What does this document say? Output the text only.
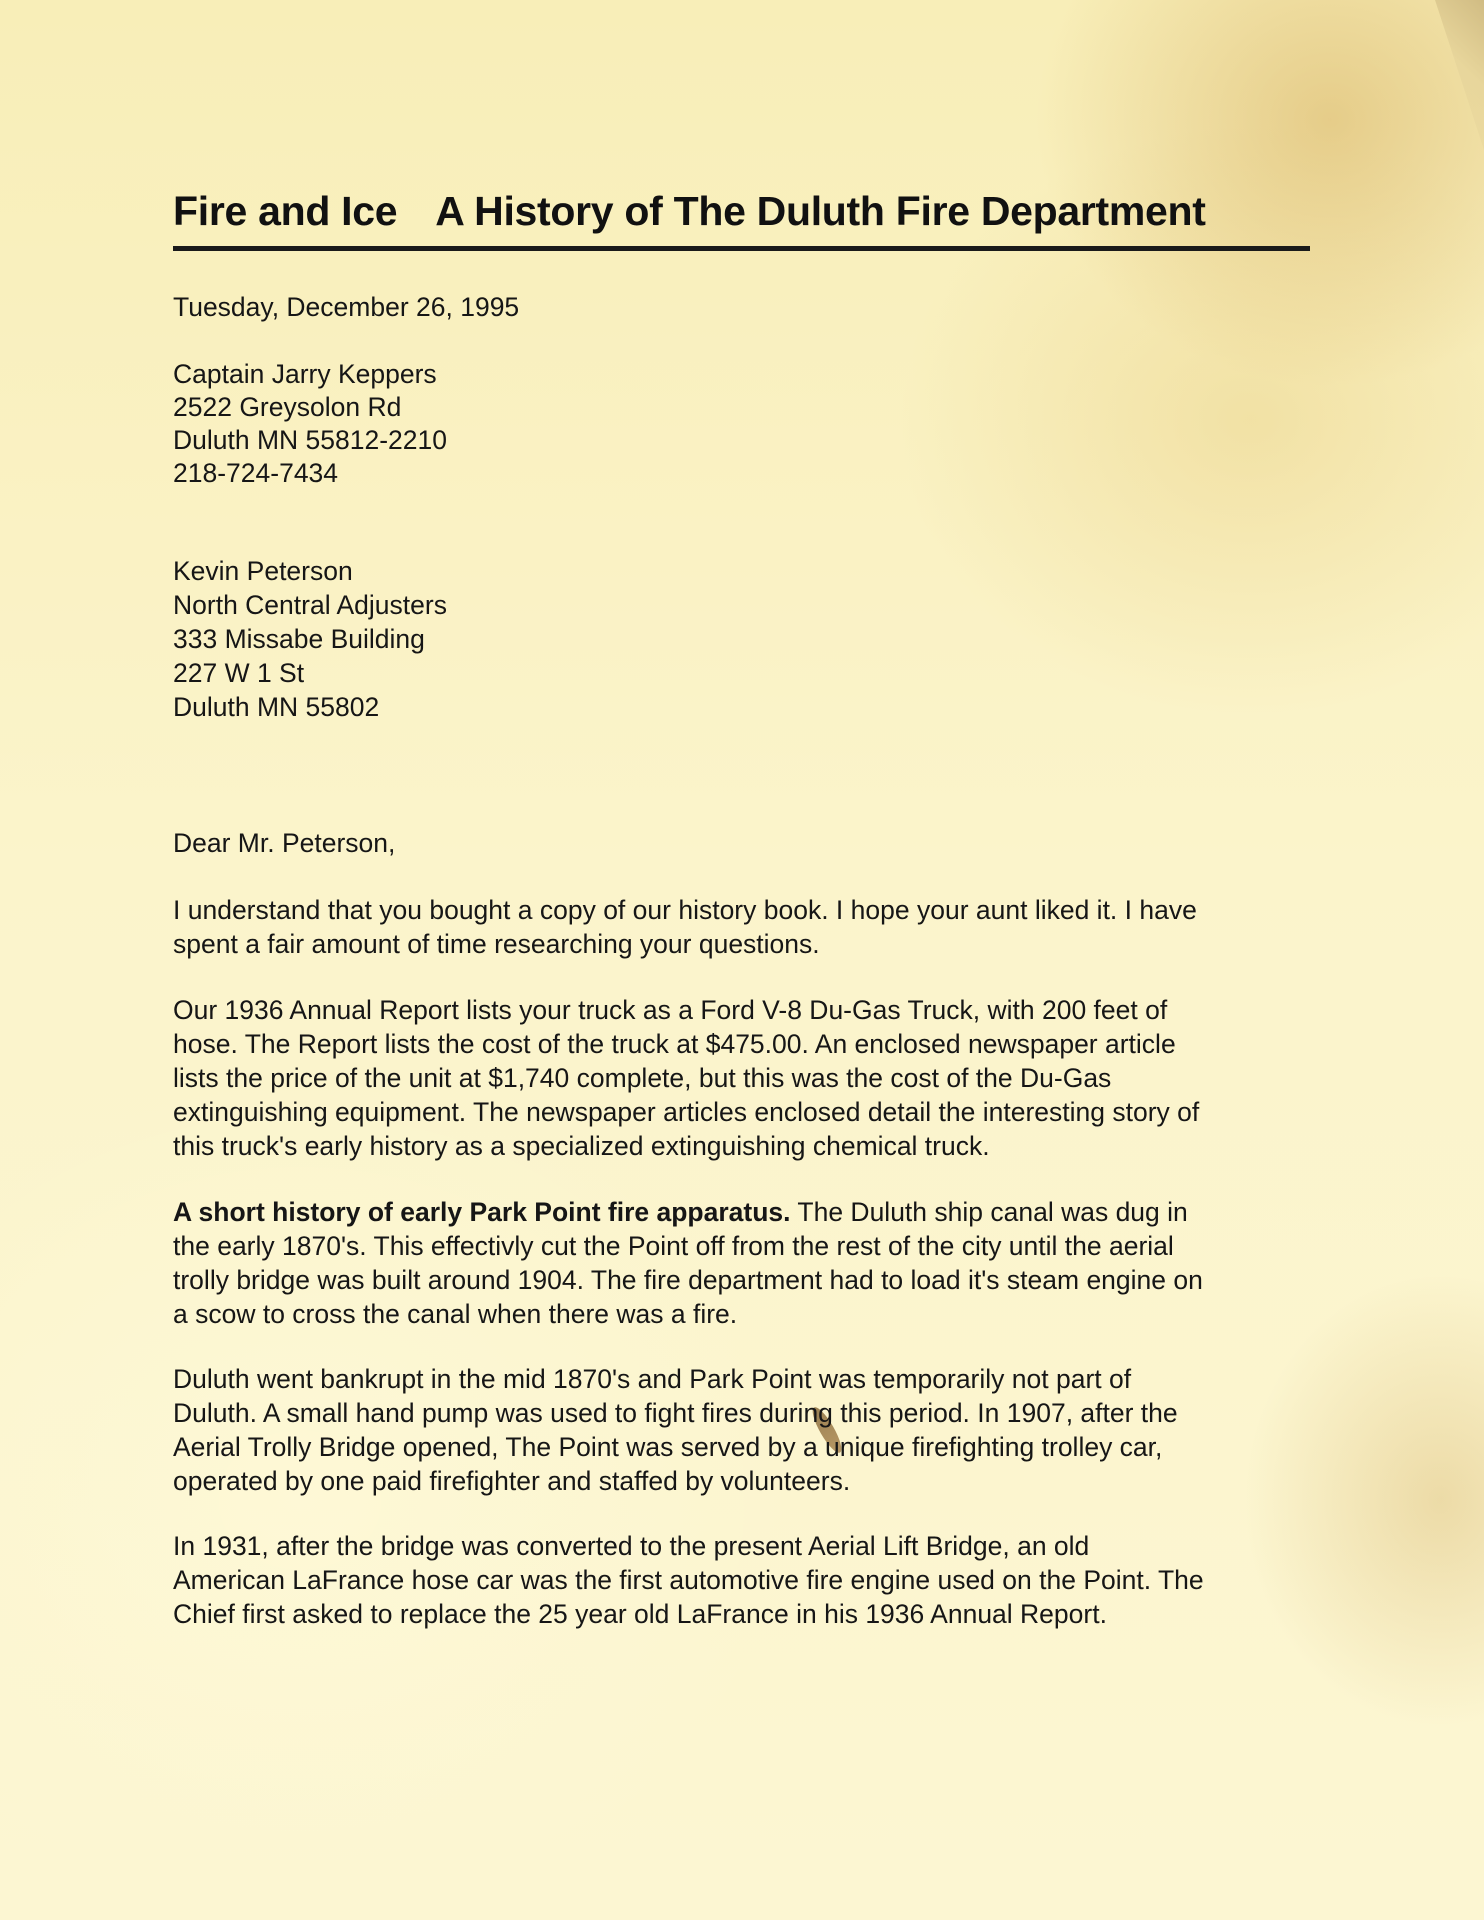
Fire and Ice A History of The Duluth Fire Department
Tuesday, December 26, 1995
Captain Jarry Keppers
2522 Greysolon Rd
Duluth MN 55812-2210
218-724-7434
Kevin Peterson
North Central Adjusters
333 Missabe Building
227 W 1 St
Duluth MN 55802
Dear Mr. Peterson,
I understand that you bought a copy of our history book. I hope your aunt liked it. I have
spent a fair amount of time researching your questions.
Our 1936 Annual Report lists your truck as a Ford V-8 Du-Gas Truck, with 200 feet of
hose. The Report lists the cost of the truck at $475.00. An enclosed newspaper article
lists the price of the unit at $1,740 complete, but this was the cost of the Du-Gas
extinguishing equipment. The newspaper articles enclosed detail the interesting story of
this truck's early history as a specialized extinguishing chemical truck.
A short history of early Park Point fire apparatus. The Duluth ship canal was dug in
the early 1870's. This effectivly cut the Point off from the rest of the city until the aerial
trolly bridge was built around 1904. The fire department had to load it's steam engine on
a scow to cross the canal when there was a fire.
Duluth went bankrupt in the mid 1870's and Park Point was temporarily not part of
Duluth. A small hand pump was used to fight fires during this period. In 1907, after the
Aerial Trolly Bridge opened, The Point was served by a unique firefighting trolley car,
operated by one paid firefighter and staffed by volunteers.
In 1931, after the bridge was converted to the present Aerial Lift Bridge, an old
American LaFrance hose car was the first automotive fire engine used on the Point. The
Chief first asked to replace the 25 year old LaFrance in his 1936 Annual Report.
